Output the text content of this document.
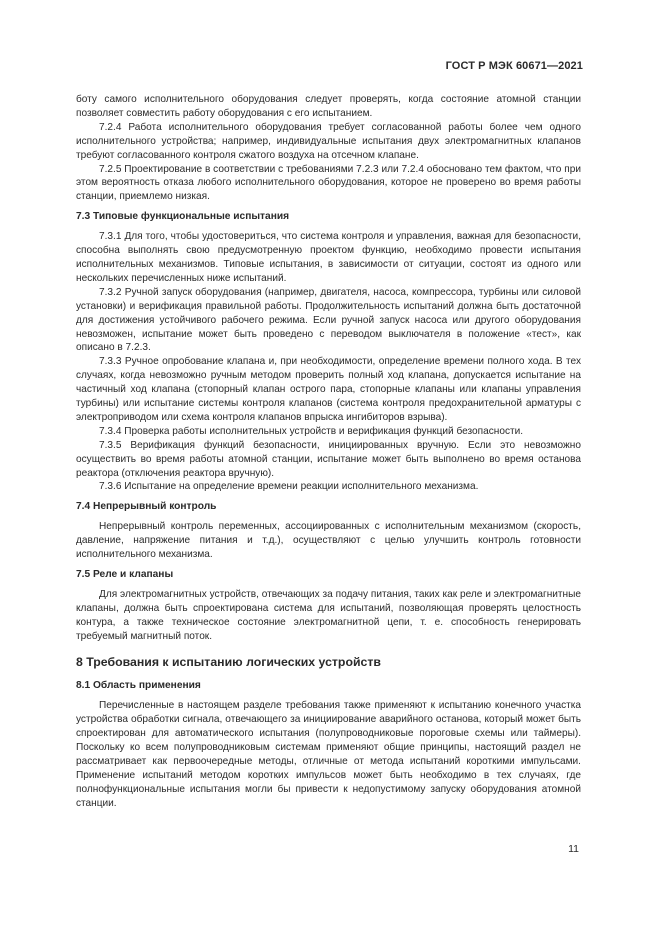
ГОСТ Р МЭК 60671—2021

боту самого исполнительного оборудования следует проверять, когда состояние атомной станции позволяет совместить работу оборудования с его испытанием.

7.2.4 Работа исполнительного оборудования требует согласованной работы более чем одного исполнительного устройства; например, индивидуальные испытания двух электромагнитных клапанов требуют согласованного контроля сжатого воздуха на отсечном клапане.

7.2.5 Проектирование в соответствии с требованиями 7.2.3 или 7.2.4 обосновано тем фактом, что при этом вероятность отказа любого исполнительного оборудования, которое не проверено во время работы станции, приемлемо низкая.

7.3 Типовые функциональные испытания

7.3.1 Для того, чтобы удостовериться, что система контроля и управления, важная для безопасности, способна выполнять свою предусмотренную проектом функцию, необходимо провести испытания исполнительных механизмов. Типовые испытания, в зависимости от ситуации, состоят из одного или нескольких перечисленных ниже испытаний.

7.3.2 Ручной запуск оборудования (например, двигателя, насоса, компрессора, турбины или силовой установки) и верификация правильной работы. Продолжительность испытаний должна быть достаточной для достижения устойчивого рабочего режима. Если ручной запуск насоса или другого оборудования невозможен, испытание может быть проведено с переводом выключателя в положение «тест», как описано в 7.2.3.

7.3.3 Ручное опробование клапана и, при необходимости, определение времени полного хода. В тех случаях, когда невозможно ручным методом проверить полный ход клапана, допускается испытание на частичный ход клапана (стопорный клапан острого пара, стопорные клапаны или клапаны управления турбины) или испытание системы контроля клапанов (система контроля предохранительной арматуры с электроприводом или схема контроля клапанов впрыска ингибиторов взрыва).

7.3.4 Проверка работы исполнительных устройств и верификация функций безопасности.

7.3.5 Верификация функций безопасности, инициированных вручную. Если это невозможно осуществить во время работы атомной станции, испытание может быть выполнено во время останова реактора (отключения реактора вручную).

7.3.6 Испытание на определение времени реакции исполнительного механизма.

7.4 Непрерывный контроль

Непрерывный контроль переменных, ассоциированных с исполнительным механизмом (скорость, давление, напряжение питания и т.д.), осуществляют с целью улучшить контроль готовности исполнительного механизма.

7.5 Реле и клапаны

Для электромагнитных устройств, отвечающих за подачу питания, таких как реле и электромагнитные клапаны, должна быть спроектирована система для испытаний, позволяющая проверять целостность контура, а также техническое состояние электромагнитной цепи, т. е. способность генерировать требуемый магнитный поток.

8 Требования к испытанию логических устройств
8.1 Область применения

Перечисленные в настоящем разделе требования также применяют к испытанию конечного участка устройства обработки сигнала, отвечающего за инициирование аварийного останова, который может быть спроектирован для автоматического испытания (полупроводниковые пороговые схемы или таймеры). Поскольку ко всем полупроводниковым системам применяют общие принципы, настоящий раздел не рассматривает как первоочередные методы, отличные от метода испытаний короткими импульсами. Применение испытаний методом коротких импульсов может быть необходимо в тех случаях, где полнофункциональные испытания могли бы привести к недопустимому запуску оборудования атомной станции.

11
